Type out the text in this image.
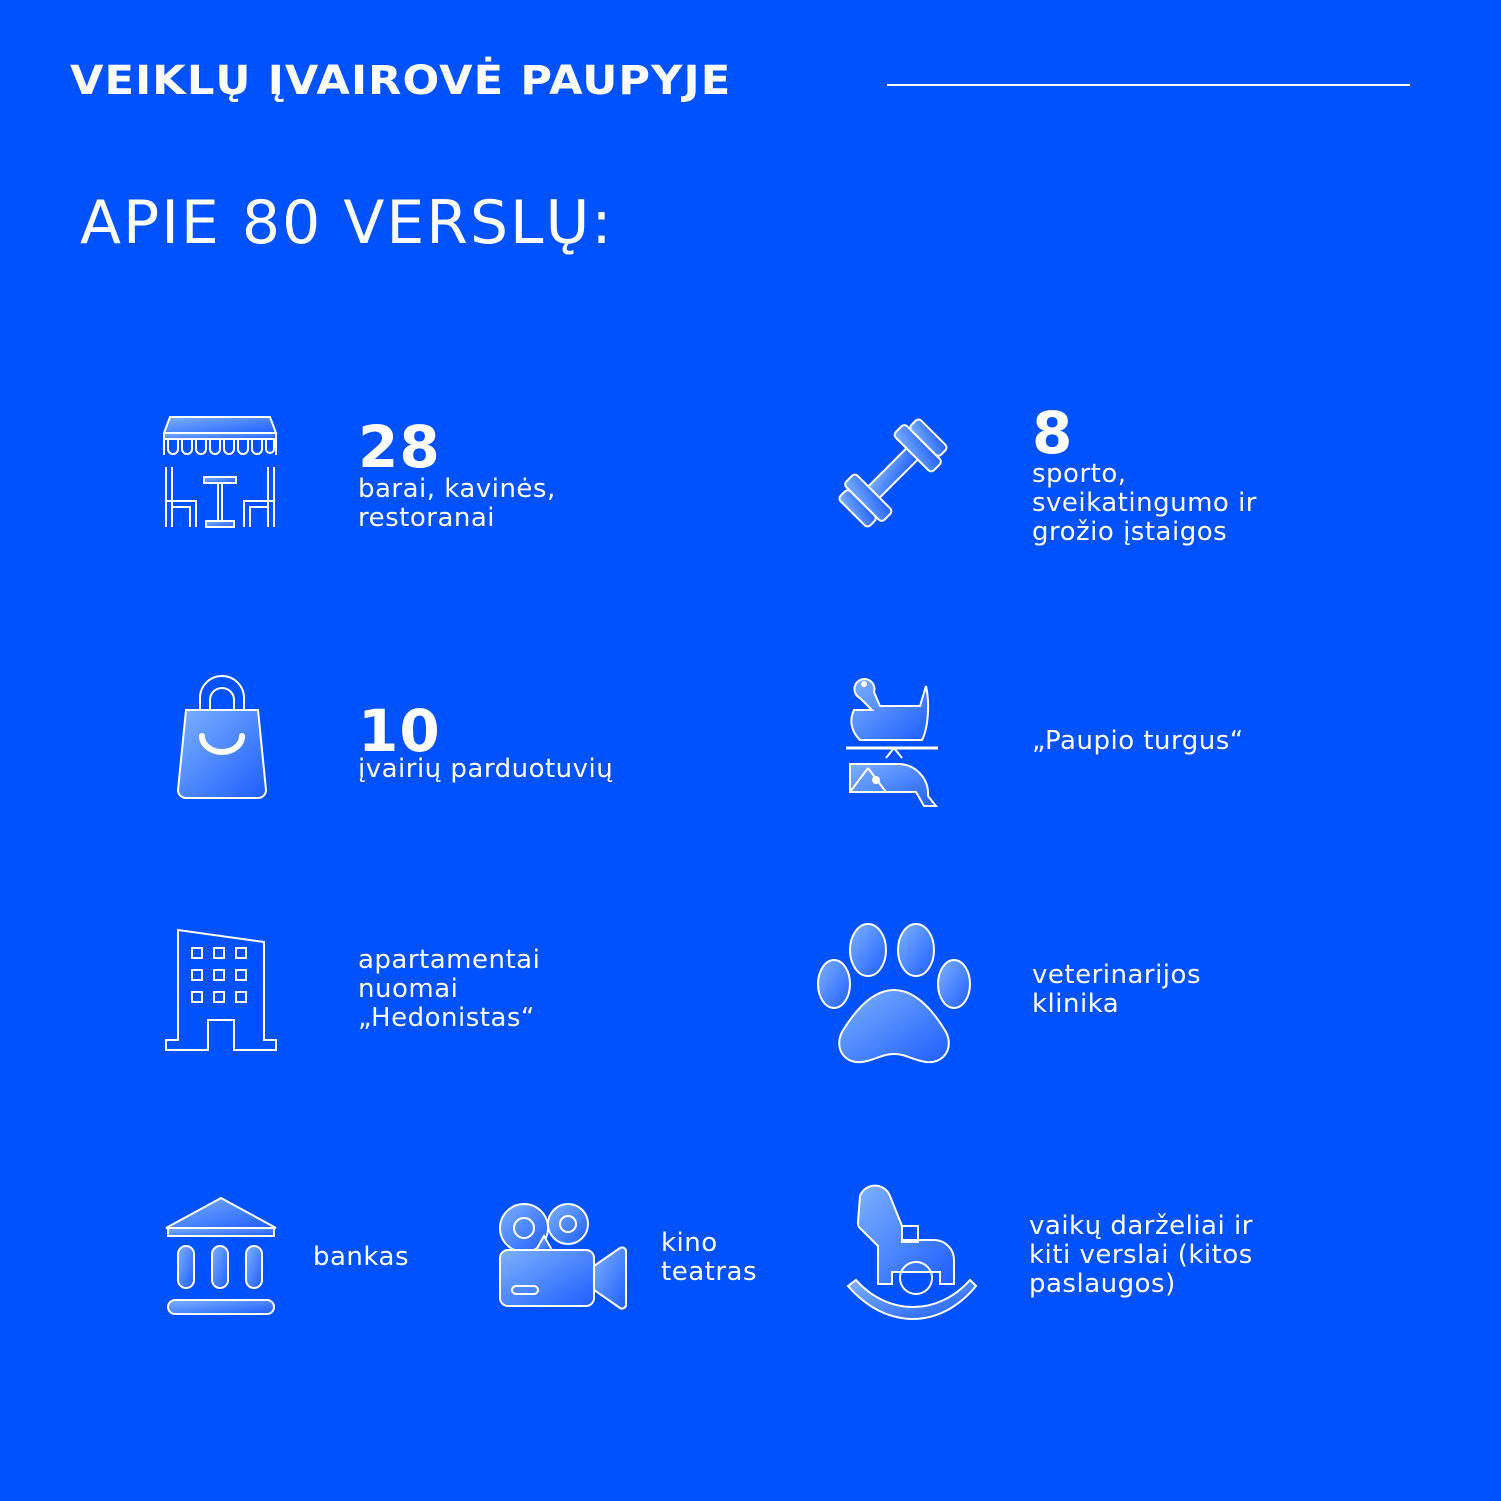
VEIKLŲ ĮVAIROVĖ PAUPYJE
APIE 80 VERSLŲ:
28
barai, kavinės,
restoranai
8
sporto,
sveikatingumo ir
grožio įstaigos
10
įvairių parduotuvių
„Paupio turgus“
apartamentai
nuomai
„Hedonistas“
veterinarijos
klinika
bankas	kino
teatras
vaikų darželiai ir
kiti verslai (kitos
paslaugos)
